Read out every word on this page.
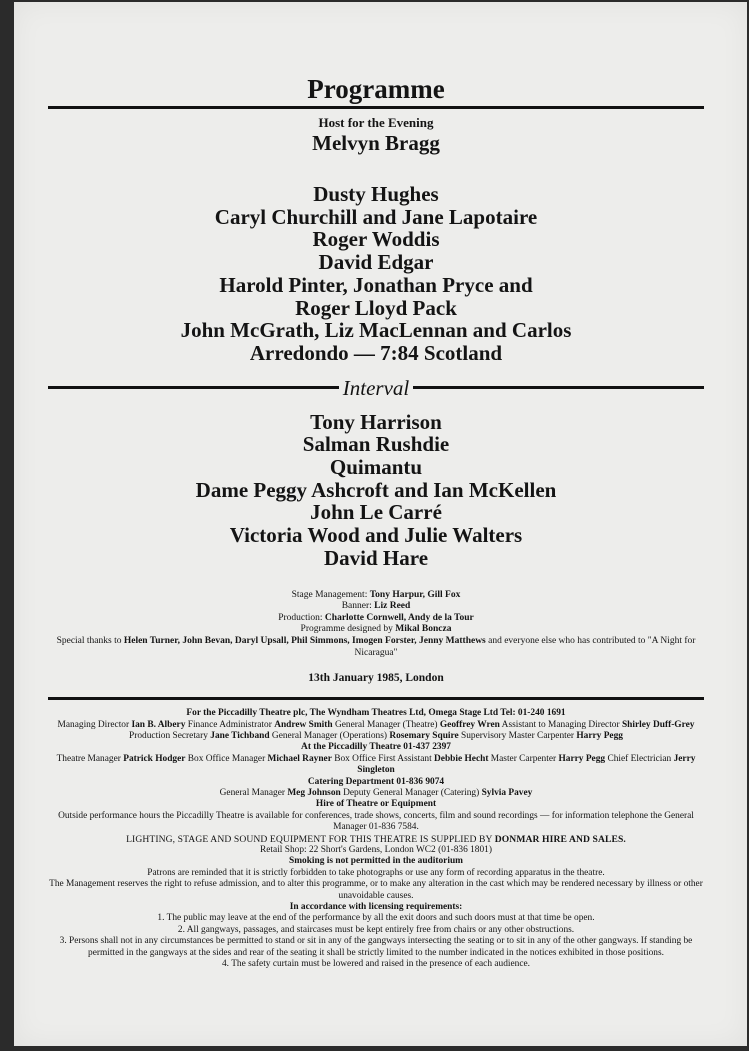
Programme
Host for the Evening
Melvyn Bragg
Dusty Hughes
Caryl Churchill and Jane Lapotaire
Roger Woddis
David Edgar
Harold Pinter, Jonathan Pryce and
Roger Lloyd Pack
John McGrath, Liz MacLennan and Carlos
Arredondo — 7:84 Scotland
Interval
Tony Harrison
Salman Rushdie
Quimantu
Dame Peggy Ashcroft and Ian McKellen
John Le Carré
Victoria Wood and Julie Walters
David Hare
Stage Management: Tony Harpur, Gill Fox
Banner: Liz Reed
Production: Charlotte Cornwell, Andy de la Tour
Programme designed by Mikal Boncza
Special thanks to Helen Turner, John Bevan, Daryl Upsall, Phil Simmons, Imogen Forster, Jenny Matthews and everyone else who has contributed to "A Night for Nicaragua"
13th January 1985, London
For the Piccadilly Theatre plc, The Wyndham Theatres Ltd, Omega Stage Ltd Tel: 01-240 1691
Managing Director Ian B. Albery Finance Administrator Andrew Smith General Manager (Theatre) Geoffrey Wren Assistant to Managing Director Shirley Duff-Grey Production Secretary Jane Tichband General Manager (Operations) Rosemary Squire Supervisory Master Carpenter Harry Pegg
At the Piccadilly Theatre 01-437 2397
Theatre Manager Patrick Hodger Box Office Manager Michael Rayner Box Office First Assistant Debbie Hecht Master Carpenter Harry Pegg Chief Electrician Jerry Singleton
Catering Department 01-836 9074
General Manager Meg Johnson Deputy General Manager (Catering) Sylvia Pavey
Hire of Theatre or Equipment
Outside performance hours the Piccadilly Theatre is available for conferences, trade shows, concerts, film and sound recordings — for information telephone the General Manager 01-836 7584.
LIGHTING, STAGE AND SOUND EQUIPMENT FOR THIS THEATRE IS SUPPLIED BY DONMAR HIRE AND SALES.
Retail Shop: 22 Short's Gardens, London WC2 (01-836 1801)
Smoking is not permitted in the auditorium
Patrons are reminded that it is strictly forbidden to take photographs or use any form of recording apparatus in the theatre.
The Management reserves the right to refuse admission, and to alter this programme, or to make any alteration in the cast which may be rendered necessary by illness or other unavoidable causes.
In accordance with licensing requirements:
1. The public may leave at the end of the performance by all the exit doors and such doors must at that time be open.
2. All gangways, passages, and staircases must be kept entirely free from chairs or any other obstructions.
3. Persons shall not in any circumstances be permitted to stand or sit in any of the gangways intersecting the seating or to sit in any of the other gangways. If standing be permitted in the gangways at the sides and rear of the seating it shall be strictly limited to the number indicated in the notices exhibited in those positions.
4. The safety curtain must be lowered and raised in the presence of each audience.
